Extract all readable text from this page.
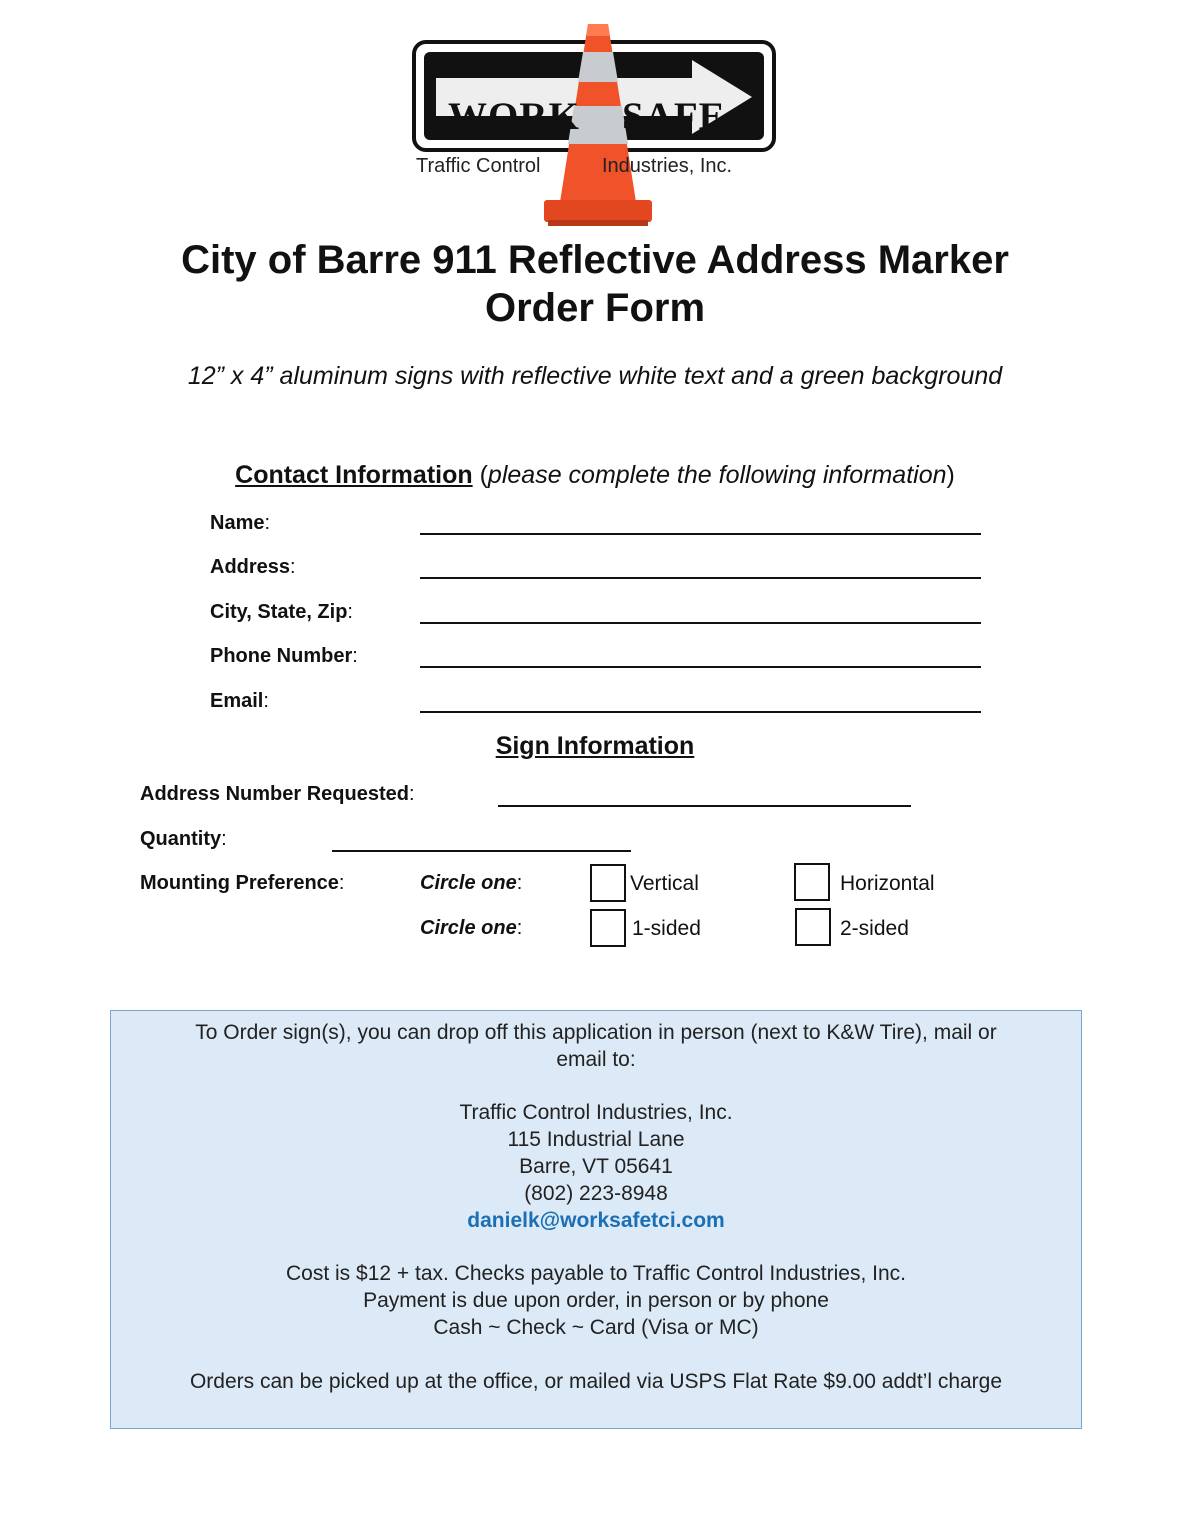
WORK SAFE
Traffic Control	Industries, Inc.
City of Barre 911 Reflective Address Marker
Order Form
12” x 4” aluminum signs with reflective white text and a green background
Contact Information (please complete the following information)
Name:
Address:
City, State, Zip:
Phone Number:
Email:
Sign Information
Address Number Requested:
Quantity:
Mounting Preference:	Circle one:	Vertical	Horizontal
Circle one:	1-sided	2-sided
To Order sign(s), you can drop off this application in person (next to K&W Tire), mail or
email to:
Traffic Control Industries, Inc.
115 Industrial Lane
Barre, VT 05641
(802) 223-8948
danielk@worksafetci.com
Cost is $12 + tax. Checks payable to Traffic Control Industries, Inc.
Payment is due upon order, in person or by phone
Cash ~ Check ~ Card (Visa or MC)
Orders can be picked up at the office, or mailed via USPS Flat Rate $9.00 addt’l charge
